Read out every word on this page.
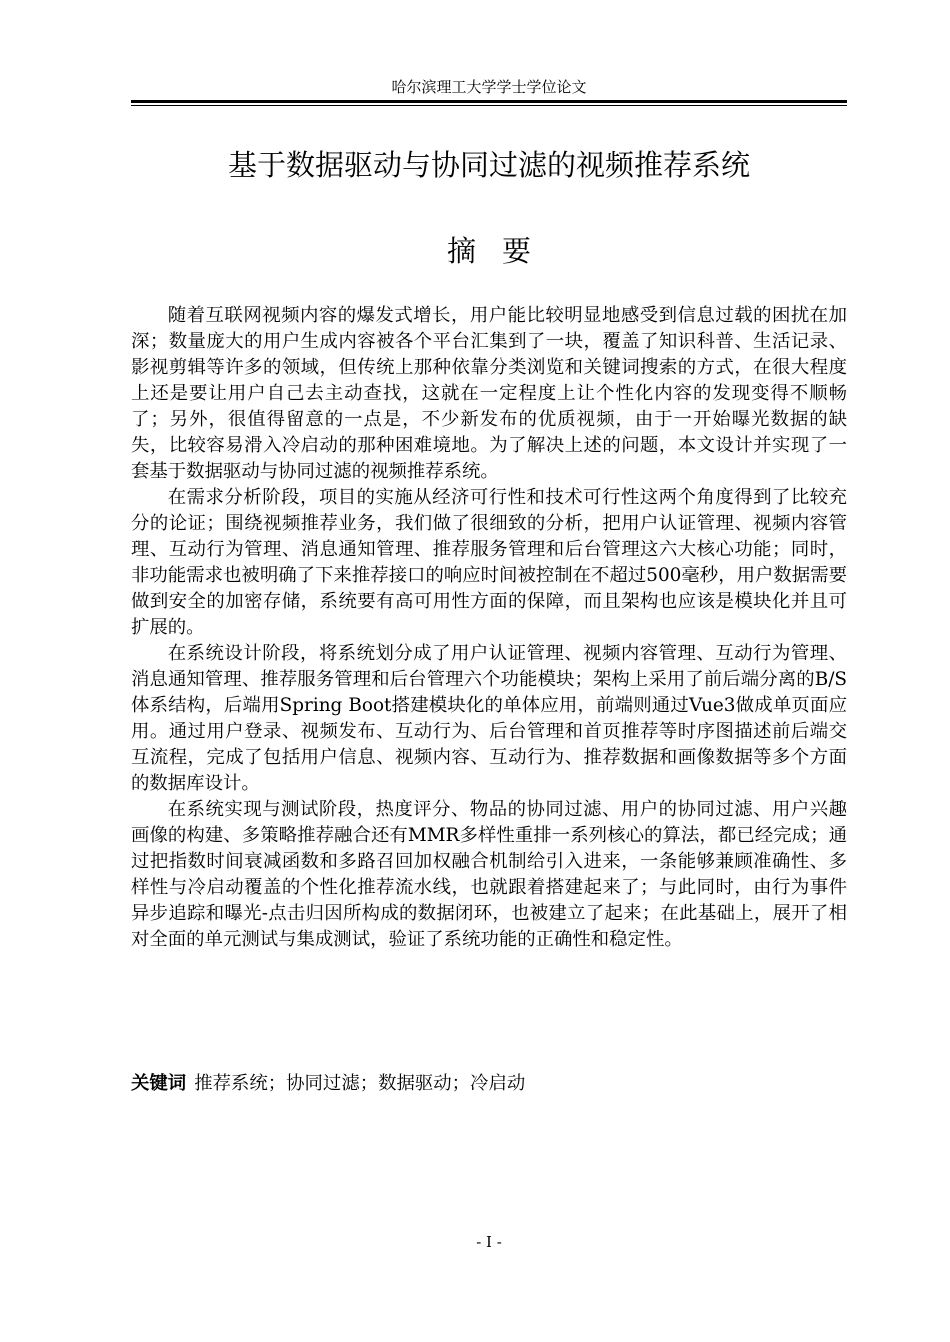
哈尔滨理工大学学士学位论文
基于数据驱动与协同过滤的视频推荐系统
摘要

随着互联网视频内容的爆发式增长，用户能比较明显地感受到信息过载的困扰在加深；数量庞大的用户生成内容被各个平台汇集到了一块，覆盖了知识科普、生活记录、影视剪辑等许多的领域，但传统上那种依靠分类浏览和关键词搜索的方式，在很大程度上还是要让用户自己去主动查找，这就在一定程度上让个性化内容的发现变得不顺畅了；另外，很值得留意的一点是，不少新发布的优质视频，由于一开始曝光数据的缺失，比较容易滑入冷启动的那种困难境地。为了解决上述的问题，本文设计并实现了一套基于数据驱动与协同过滤的视频推荐系统。

在需求分析阶段，项目的实施从经济可行性和技术可行性这两个角度得到了比较充分的论证；围绕视频推荐业务，我们做了很细致的分析，把用户认证管理、视频内容管理、互动行为管理、消息通知管理、推荐服务管理和后台管理这六大核心功能；同时，非功能需求也被明确了下来推荐接口的响应时间被控制在不超过500毫秒，用户数据需要做到安全的加密存储，系统要有高可用性方面的保障，而且架构也应该是模块化并且可扩展的。

在系统设计阶段，将系统划分成了用户认证管理、视频内容管理、互动行为管理、消息通知管理、推荐服务管理和后台管理六个功能模块；架构上采用了前后端分离的B/S体系结构，后端用Spring Boot搭建模块化的单体应用，前端则通过Vue3做成单页面应用。通过用户登录、视频发布、互动行为、后台管理和首页推荐等时序图描述前后端交互流程，完成了包括用户信息、视频内容、互动行为、推荐数据和画像数据等多个方面的数据库设计。

在系统实现与测试阶段，热度评分、物品的协同过滤、用户的协同过滤、用户兴趣画像的构建、多策略推荐融合还有MMR多样性重排一系列核心的算法，都已经完成；通过把指数时间衰减函数和多路召回加权融合机制给引入进来，一条能够兼顾准确性、多样性与冷启动覆盖的个性化推荐流水线，也就跟着搭建起来了；与此同时，由行为事件异步追踪和曝光-点击归因所构成的数据闭环，也被建立了起来；在此基础上，展开了相对全面的单元测试与集成测试，验证了系统功能的正确性和稳定性。

关键词 推荐系统；协同过滤；数据驱动；冷启动
- I -
